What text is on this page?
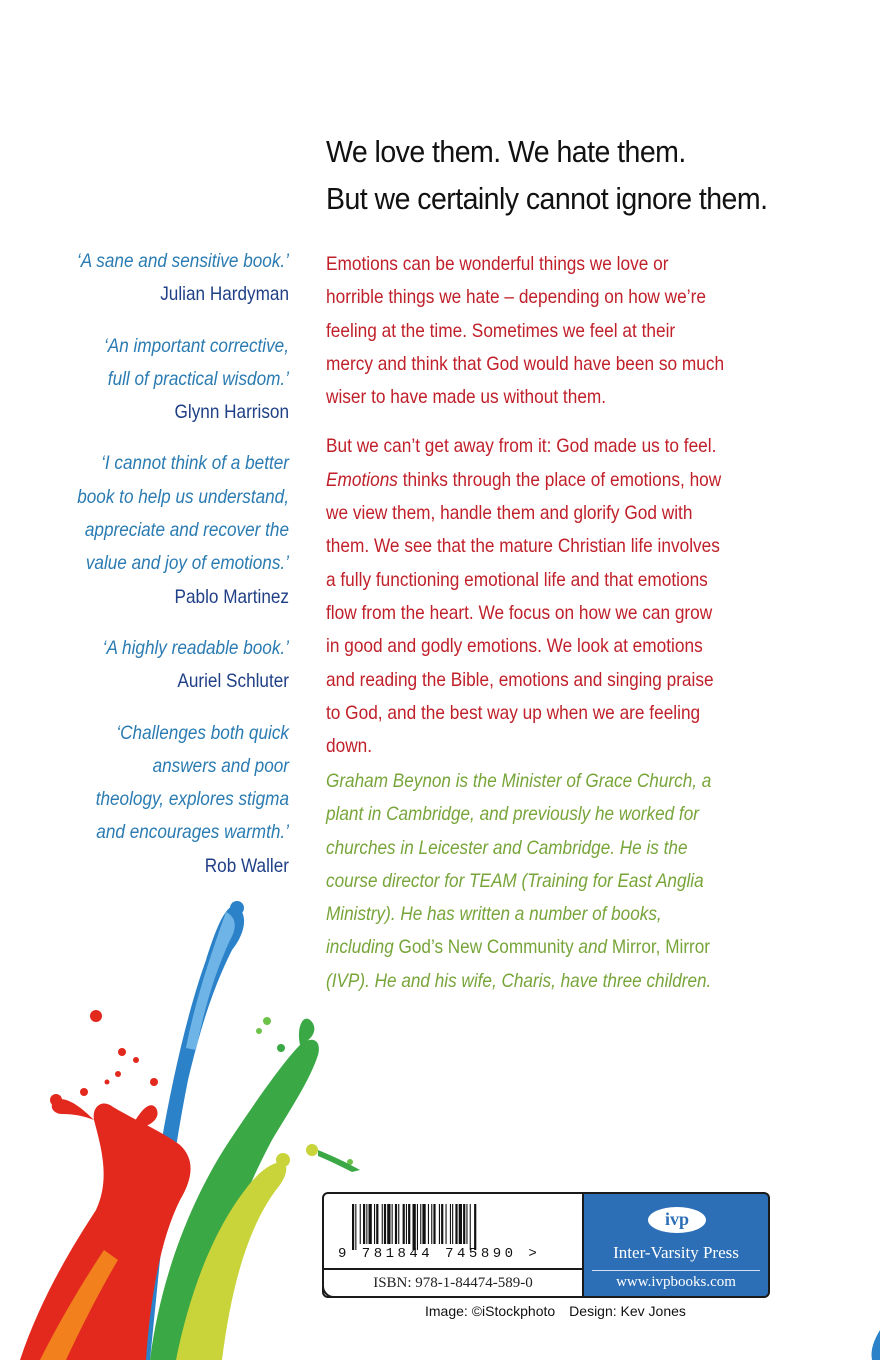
We love them. We hate them.
But we certainly cannot ignore them.

Emotions can be wonderful things we love or horrible things we hate – depending on how we’re feeling at the time. Sometimes we feel at their mercy and think that God would have been so much wiser to have made us without them.

But we can’t get away from it: God made us to feel. Emotions thinks through the place of emotions, how we view them, handle them and glorify God with them. We see that the mature Christian life involves a fully functioning emotional life and that emotions flow from the heart. We focus on how we can grow in good and godly emotions. We look at emotions and reading the Bible, emotions and singing praise to God, and the best way up when we are feeling down.

Graham Beynon is the Minister of Grace Church, a plant in Cambridge, and previously he worked for churches in Leicester and Cambridge. He is the course director for TEAM (Training for East Anglia Ministry). He has written a number of books, including God’s New Community and Mirror, Mirror (IVP). He and his wife, Charis, have three children.
‘A sane and sensitive book.’
Julian Hardyman
‘An important corrective,
full of practical wisdom.’
Glynn Harrison
‘I cannot think of a better
book to help us understand,
appreciate and recover the
value and joy of emotions.’
Pablo Martinez
‘A highly readable book.’
Auriel Schluter
‘Challenges both quick
answers and poor
theology, explores stigma
and encourages warmth.’
Rob Waller
9 781844 745890 >
ISBN: 978-1-84474-589-0
ivp
Inter-Varsity Press
www.ivpbooks.com
Image: ©iStockphoto Design: Kev Jones
